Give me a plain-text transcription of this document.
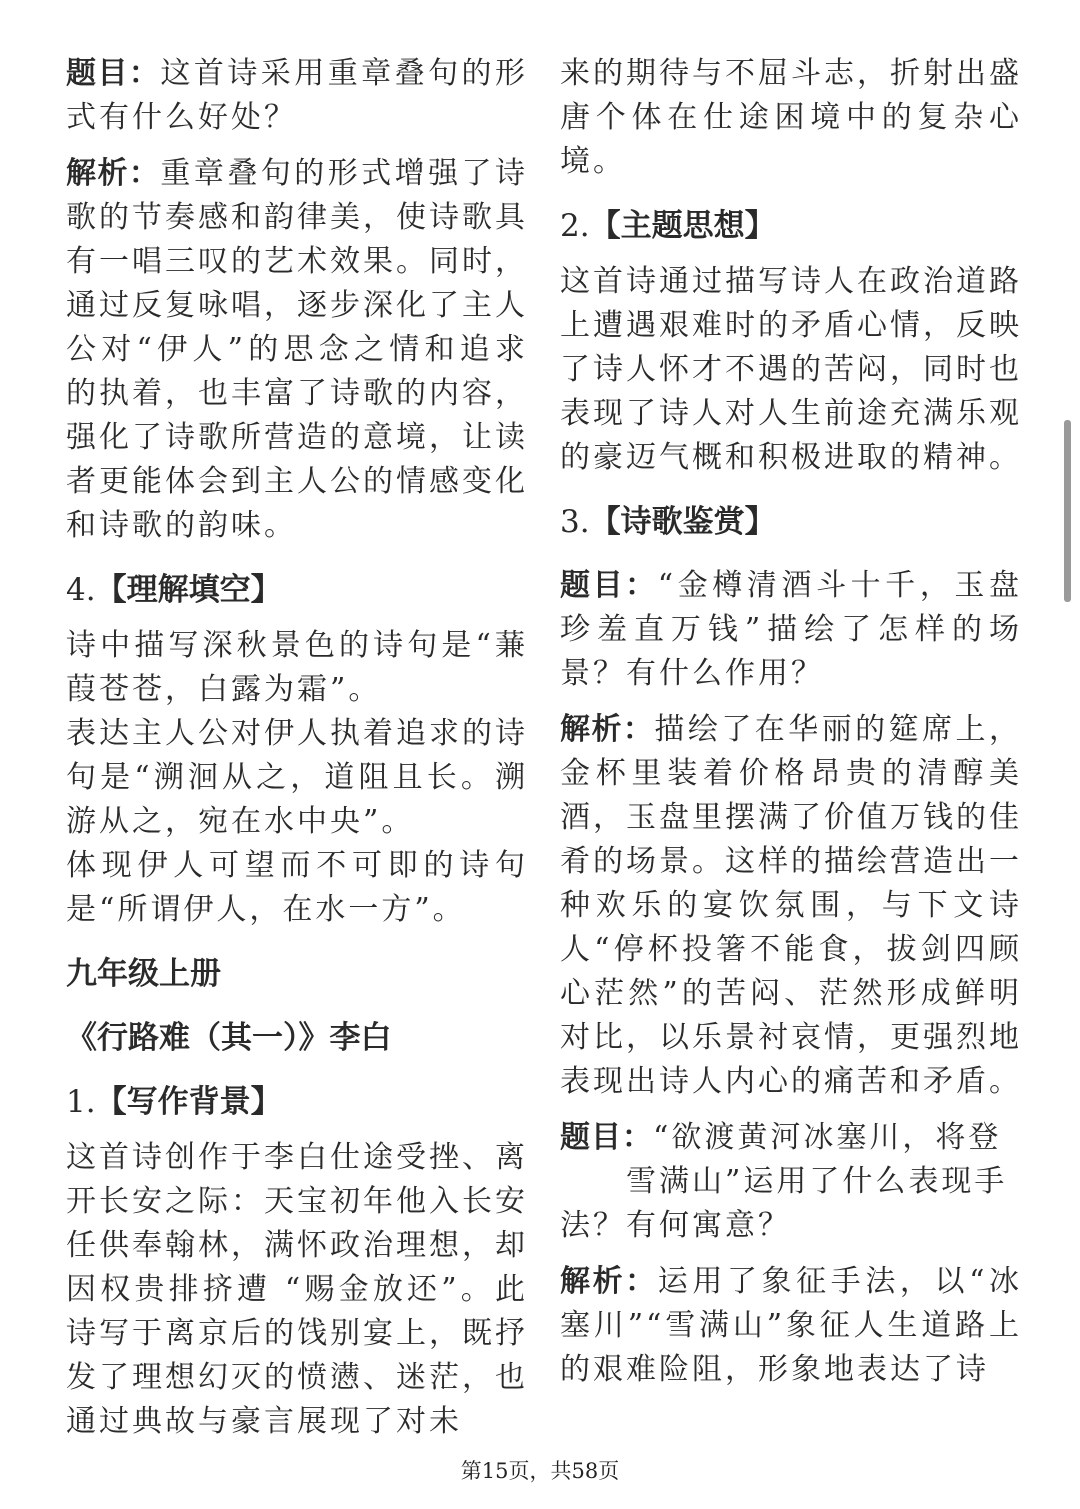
题目：这首诗采用重章叠句的形式有什么好处？

解析：重章叠句的形式增强了诗歌的节奏感和韵律美，使诗歌具有一唱三叹的艺术效果。同时，通过反复咏唱，逐步深化了主人公对“伊人”的思念之情和追求的执着，也丰富了诗歌的内容，强化了诗歌所营造的意境，让读者更能体会到主人公的情感变化和诗歌的韵味。

4.【理解填空】

诗中描写深秋景色的诗句是“蒹葭苍苍，白露为霜”。

表达主人公对伊人执着追求的诗句是“溯洄从之，道阻且长。溯游从之，宛在水中央”。

体现伊人可望而不可即的诗句是“所谓伊人，在水一方”。

九年级上册

《行路难（其一）》李白

1.【写作背景】

这首诗创作于李白仕途受挫、离开长安之际：天宝初年他入长安任供奉翰林，满怀政治理想，却因权贵排挤遭 “赐金放还”。此诗写于离京后的饯别宴上，既抒发了理想幻灭的愤懑、迷茫，也通过典故与豪言展现了对未

来的期待与不屈斗志，折射出盛唐个体在仕途困境中的复杂心境。

2.【主题思想】

这首诗通过描写诗人在政治道路上遭遇艰难时的矛盾心情，反映了诗人怀才不遇的苦闷，同时也表现了诗人对人生前途充满乐观的豪迈气概和积极进取的精神。

3.【诗歌鉴赏】

题目：“金樽清酒斗十千，玉盘珍羞直万钱”描绘了怎样的场景？有什么作用？

解析：描绘了在华丽的筵席上，金杯里装着价格昂贵的清醇美酒，玉盘里摆满了价值万钱的佳肴的场景。这样的描绘营造出一种欢乐的宴饮氛围，与下文诗人“停杯投箸不能食，拔剑四顾心茫然”的苦闷、茫然形成鲜明对比，以乐景衬哀情，更强烈地表现出诗人内心的痛苦和矛盾。

题目：“欲渡黄河冰塞川，将登

雪满山”运用了什么表现手

法？有何寓意？

解析：运用了象征手法，以“冰塞川”“雪满山”象征人生道路上的艰难险阻，形象地表达了诗

第15页，共58页
